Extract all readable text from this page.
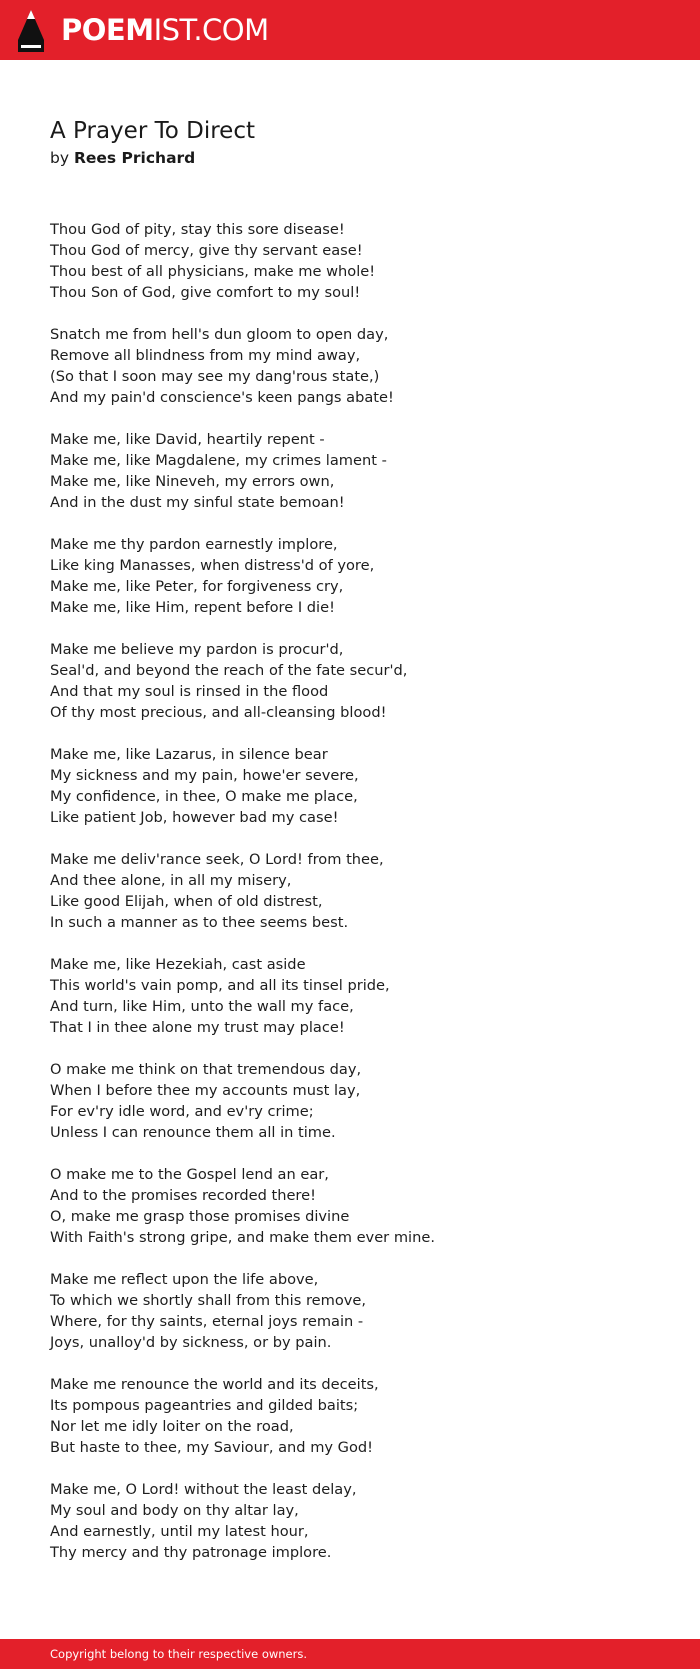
POEMIST.COM
A Prayer To Direct
by Rees Prichard
Thou God of pity, stay this sore disease!
Thou God of mercy, give thy servant ease!
Thou best of all physicians, make me whole!
Thou Son of God, give comfort to my soul!
Snatch me from hell's dun gloom to open day,
Remove all blindness from my mind away,
(So that I soon may see my dang'rous state,)
And my pain'd conscience's keen pangs abate!
Make me, like David, heartily repent -
Make me, like Magdalene, my crimes lament -
Make me, like Nineveh, my errors own,
And in the dust my sinful state bemoan!
Make me thy pardon earnestly implore,
Like king Manasses, when distress'd of yore,
Make me, like Peter, for forgiveness cry,
Make me, like Him, repent before I die!
Make me believe my pardon is procur'd,
Seal'd, and beyond the reach of the fate secur'd,
And that my soul is rinsed in the flood
Of thy most precious, and all-cleansing blood!
Make me, like Lazarus, in silence bear
My sickness and my pain, howe'er severe,
My confidence, in thee, O make me place,
Like patient Job, however bad my case!
Make me deliv'rance seek, O Lord! from thee,
And thee alone, in all my misery,
Like good Elijah, when of old distrest,
In such a manner as to thee seems best.
Make me, like Hezekiah, cast aside
This world's vain pomp, and all its tinsel pride,
And turn, like Him, unto the wall my face,
That I in thee alone my trust may place!
O make me think on that tremendous day,
When I before thee my accounts must lay,
For ev'ry idle word, and ev'ry crime;
Unless I can renounce them all in time.
O make me to the Gospel lend an ear,
And to the promises recorded there!
O, make me grasp those promises divine
With Faith's strong gripe, and make them ever mine.
Make me reflect upon the life above,
To which we shortly shall from this remove,
Where, for thy saints, eternal joys remain -
Joys, unalloy'd by sickness, or by pain.
Make me renounce the world and its deceits,
Its pompous pageantries and gilded baits;
Nor let me idly loiter on the road,
But haste to thee, my Saviour, and my God!
Make me, O Lord! without the least delay,
My soul and body on thy altar lay,
And earnestly, until my latest hour,
Thy mercy and thy patronage implore.
Copyright belong to their respective owners.
